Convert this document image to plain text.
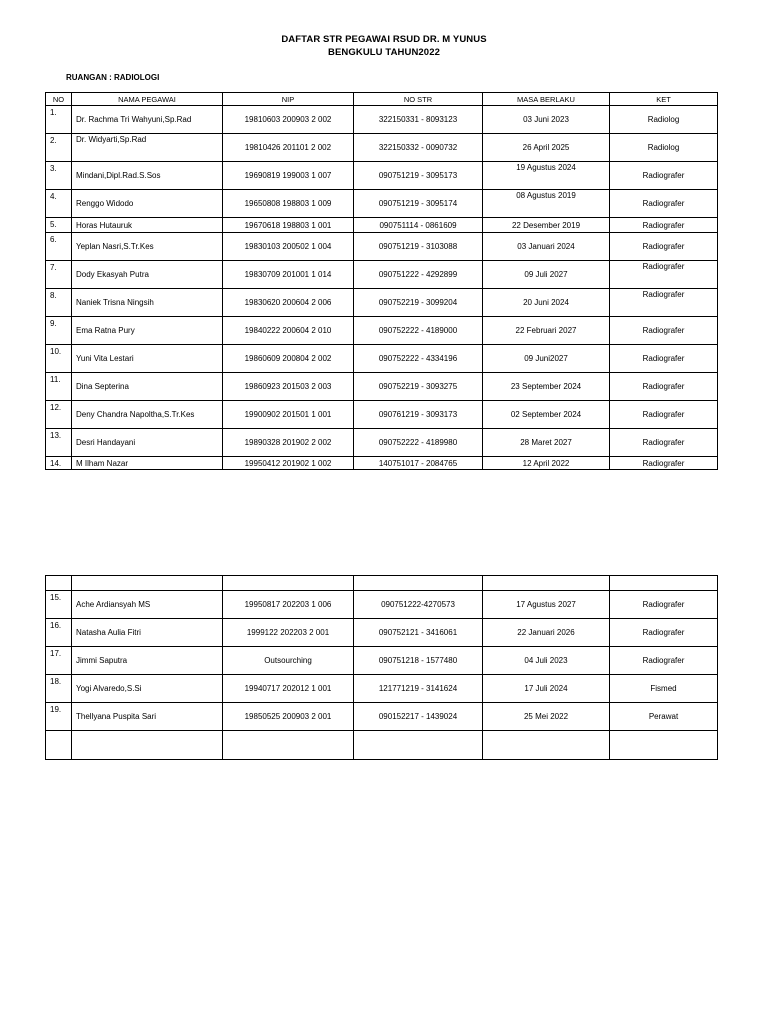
DAFTAR STR PEGAWAI RSUD DR. M YUNUS
BENGKULU TAHUN2022
RUANGAN : RADIOLOGI
NO	NAMA PEGAWAI	NIP	NO STR	MASA BERLAKU	KET
1.	Dr. Rachma Tri Wahyuni,Sp.Rad	19810603 200903 2 002	322150331 - 8093123	03 Juni 2023	Radiolog
2.	Dr. Widyarti,Sp.Rad	19810426 201101 2 002	322150332 - 0090732	26 April 2025	Radiolog
3.	Mindani,Dipl.Rad.S.Sos	19690819 199003 1 007	090751219 - 3095173	19 Agustus 2024	Radiografer
4.	Renggo Widodo	19650808 198803 1 009	090751219 - 3095174	08 Agustus 2019	Radiografer
5.	Horas Hutauruk	19670618 198803 1 001	090751114 - 0861609	22 Desember 2019	Radiografer
6.	Yeplan Nasri,S.Tr.Kes	19830103 200502 1 004	090751219 - 3103088	03 Januari 2024	Radiografer
7.	Dody Ekasyah Putra	19830709 201001 1 014	090751222 - 4292899	09 Juli 2027	Radiografer
8.	Naniek Trisna Ningsih	19830620 200604 2 006	090752219 - 3099204	20 Juni 2024	Radiografer
9.	Ema Ratna Pury	19840222 200604 2 010	090752222 - 4189000	22 Februari 2027	Radiografer
10.	Yuni Vita Lestari	19860609 200804 2 002	090752222 - 4334196	09 Juni2027	Radiografer
11.	Dina Septerina	19860923 201503 2 003	090752219 - 3093275	23 September 2024	Radiografer
12.	Deny Chandra Napoltha,S.Tr.Kes	19900902 201501 1 001	090761219 - 3093173	02 September 2024	Radiografer
13.	Desri Handayani	19890328 201902 2 002	090752222 - 4189980	28 Maret 2027	Radiografer
14.	M Ilham Nazar	19950412 201902 1 002	140751017 - 2084765	12 April 2022	Radiografer

15.	Ache Ardiansyah MS	19950817 202203 1 006	090751222-4270573	17 Agustus 2027	Radiografer
16.	Natasha Aulia Fitri	1999122 202203 2 001	090752121 - 3416061	22 Januari 2026	Radiografer
17.	Jimmi Saputra	Outsourching	090751218 - 1577480	04 Juli 2023	Radiografer
18.	Yogi Alvaredo,S.Si	19940717 202012 1 001	121771219 - 3141624	17 Juli 2024	Fismed
19.	Thellyana Puspita Sari	19850525 200903 2 001	090152217 - 1439024	25 Mei 2022	Perawat
